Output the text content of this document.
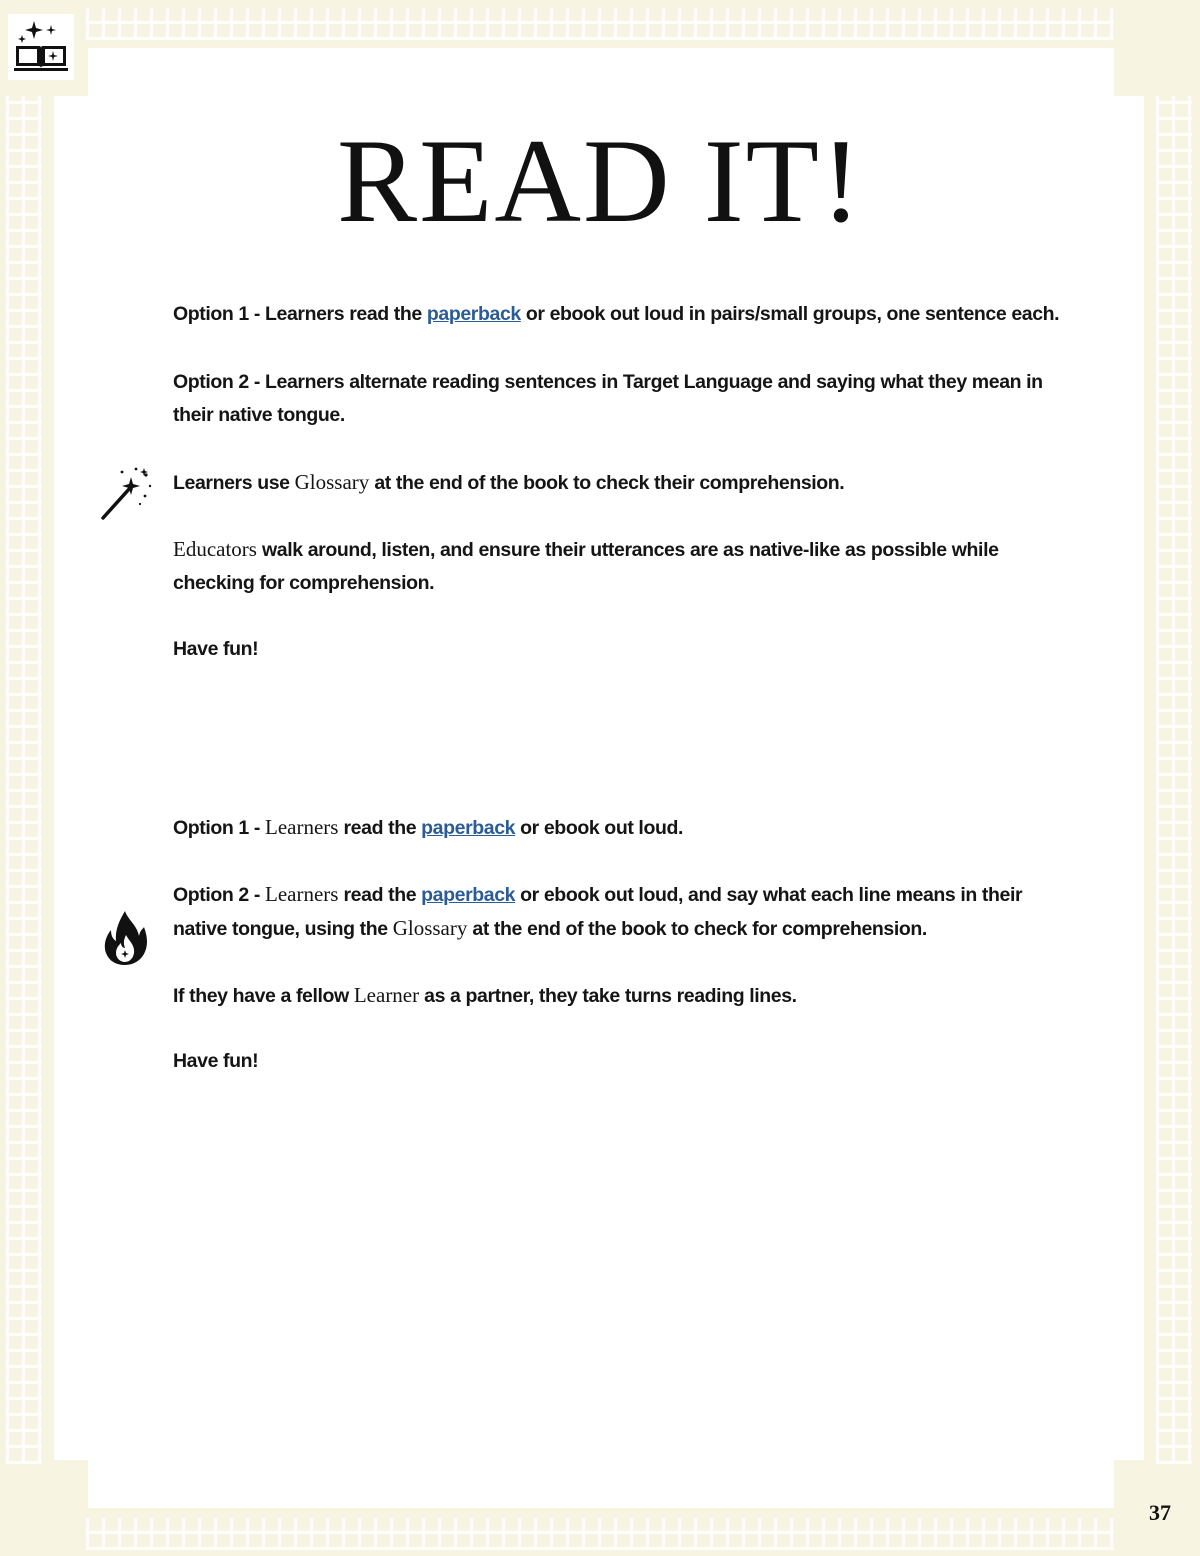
READ IT!
Option 1 - Learners read the paperback or ebook out loud in pairs/small groups, one sentence each.
Option 2 - Learners alternate reading sentences in Target Language and saying what they mean in their native tongue.
Learners use Glossary at the end of the book to check their comprehension.
Educators walk around, listen, and ensure their utterances are as native-like as possible while checking for comprehension.
Have fun!
Option 1 - Learners read the paperback or ebook out loud.
Option 2 - Learners read the paperback or ebook out loud, and say what each line means in their native tongue, using the Glossary at the end of the book to check for comprehension.
If they have a fellow Learner as a partner, they take turns reading lines.
Have fun!
37
